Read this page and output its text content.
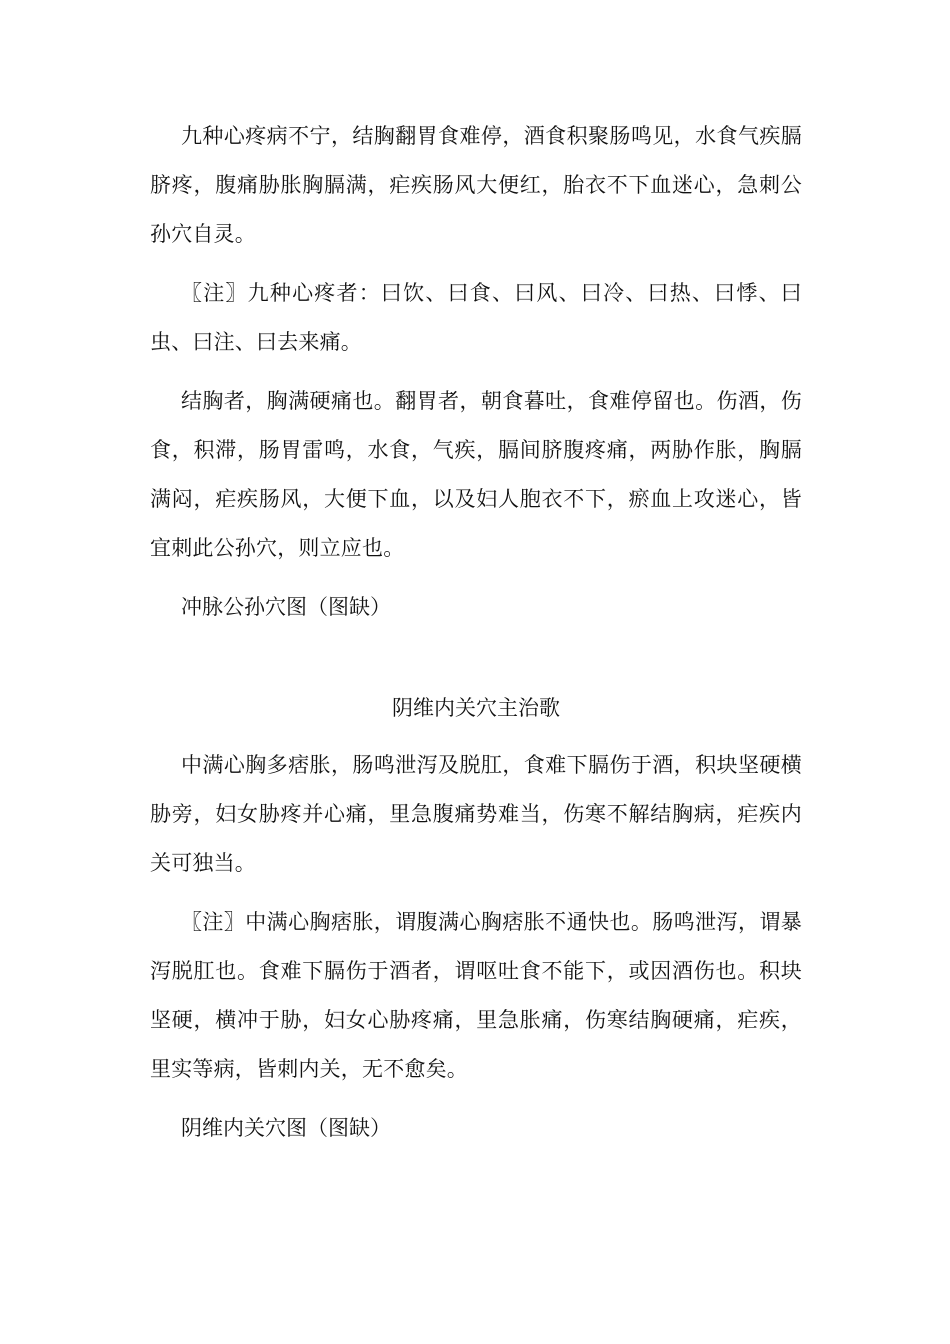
九种心疼病不宁，结胸翻胃食难停，酒食积聚肠鸣见，水食气疾膈脐疼，腹痛胁胀胸膈满，疟疾肠风大便红，胎衣不下血迷心，急刺公孙穴自灵。

〖注〗九种心疼者：曰饮、曰食、曰风、曰冷、曰热、曰悸、曰虫、曰注、曰去来痛。

结胸者，胸满硬痛也。翻胃者，朝食暮吐，食难停留也。伤酒，伤食，积滞，肠胃雷鸣，水食，气疾，膈间脐腹疼痛，两胁作胀，胸膈满闷，疟疾肠风，大便下血，以及妇人胞衣不下，瘀血上攻迷心，皆宜刺此公孙穴，则立应也。

冲脉公孙穴图（图缺）

阴维内关穴主治歌

中满心胸多痞胀，肠鸣泄泻及脱肛，食难下膈伤于酒，积块坚硬横胁旁，妇女胁疼并心痛，里急腹痛势难当，伤寒不解结胸病，疟疾内关可独当。

〖注〗中满心胸痞胀，谓腹满心胸痞胀不通快也。肠鸣泄泻，谓暴泻脱肛也。食难下膈伤于酒者，谓呕吐食不能下，或因酒伤也。积块坚硬，横冲于胁，妇女心胁疼痛，里急胀痛，伤寒结胸硬痛，疟疾，里实等病，皆刺内关，无不愈矣。

阴维内关穴图（图缺）
